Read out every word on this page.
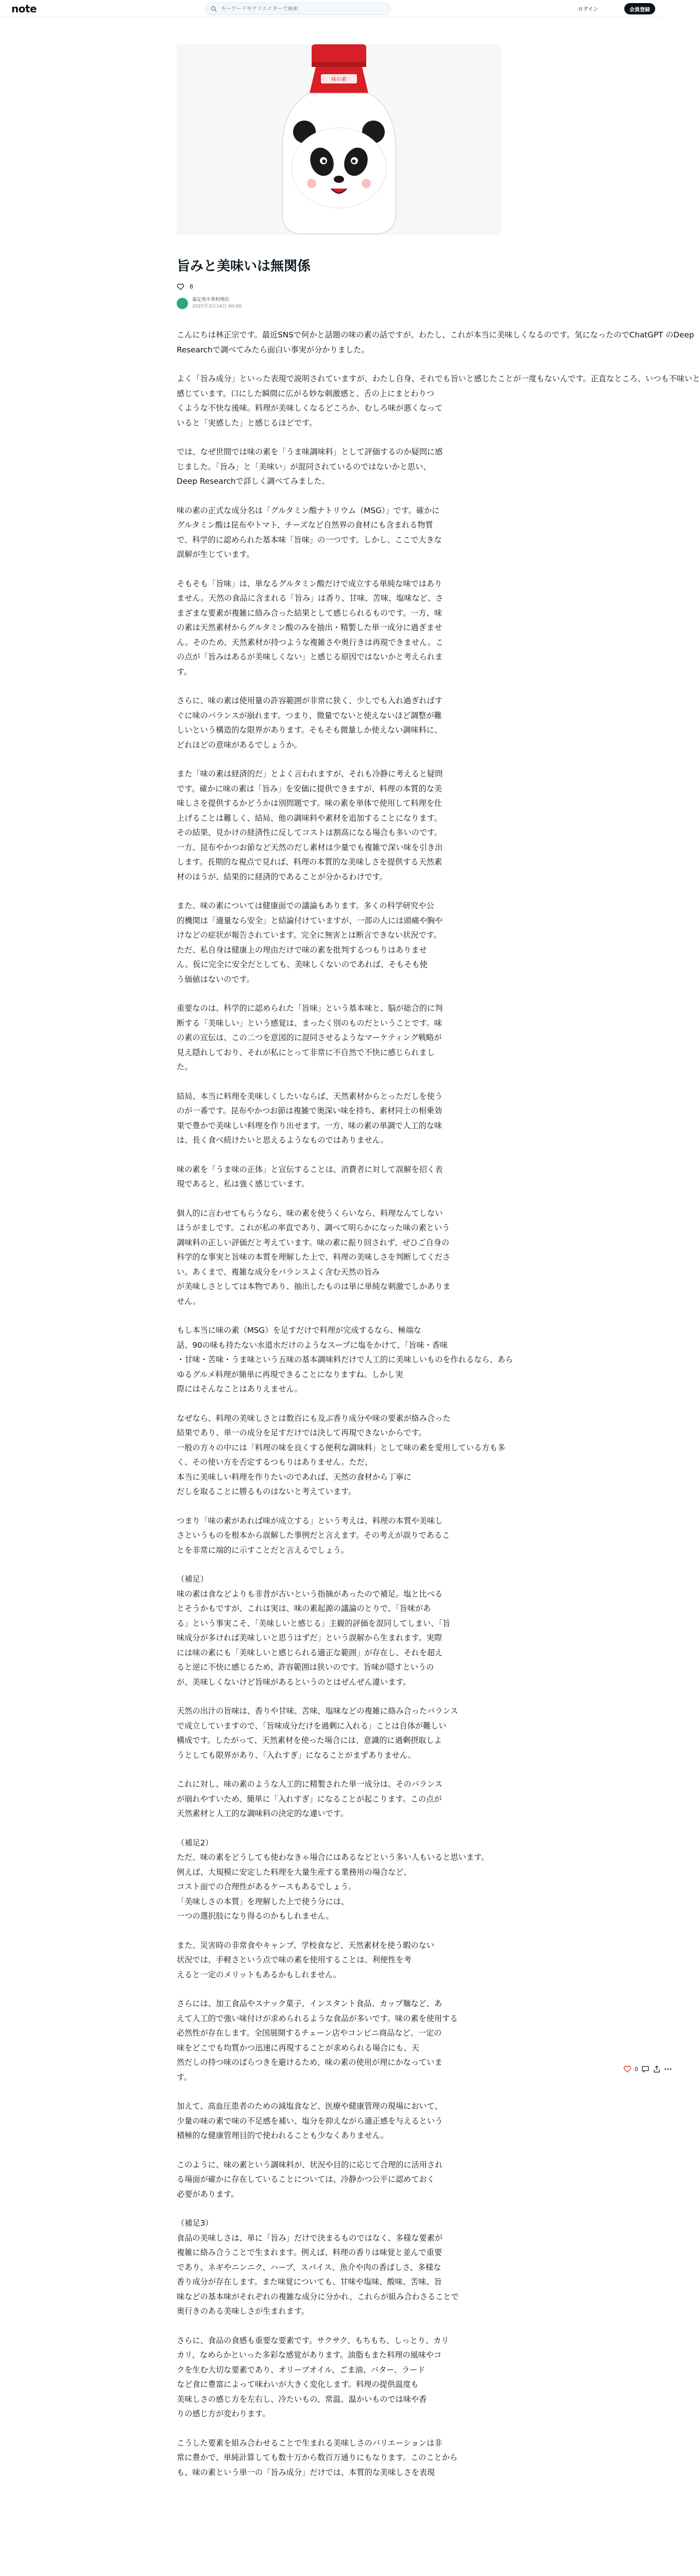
note
キーワードやクリエイターで検索	ログイン	会員登録
味の素
旨みと美味いは無関係
8
嘉定苑中華料理店
2025年3月14日 00:00

こんにちは林正宗です。最近SNSで何かと話題の味の素の話ですが、わたし、これが本当に美味しくなるのです。気になったのでChatGPT のDeep
Researchで調べてみたら面白い事実が分かりました。

よく「旨み成分」といった表現で説明されていますが、わたし自身、それでも旨いと感じたことが一度もないんです。正直なところ、いつも不味いと
感じています。口にした瞬間に広がる妙な刺激感と、舌の上にまとわりつ
くような不快な後味。料理が美味しくなるどころか、むしろ味が悪くなって
いると「実感した」と感じるほどです。

では、なぜ世間では味の素を「うま味調味料」として評価するのか疑問に感
じました。「旨み」と「美味い」が混同されているのではないかと思い、
Deep Researchで詳しく調べてみました。

味の素の正式な成分名は「グルタミン酸ナトリウム（MSG）」です。確かに
グルタミン酸は昆布やトマト、チーズなど自然界の食材にも含まれる物質
で、科学的に認められた基本味「旨味」の一つです。しかし、ここで大きな
誤解が生じています。

そもそも「旨味」は、単なるグルタミン酸だけで成立する単純な味ではあり
ません。天然の食品に含まれる「旨み」は香り、甘味、苦味、塩味など、さ
まざまな要素が複雑に絡み合った結果として感じられるものです。一方、味
の素は天然素材からグルタミン酸のみを抽出・精製した単一成分に過ぎませ
ん。そのため、天然素材が持つような複雑さや奥行きは再現できません。こ
の点が「旨みはあるが美味しくない」と感じる原因ではないかと考えられま
す。

さらに、味の素は使用量の許容範囲が非常に狭く、少しでも入れ過ぎればす
ぐに味のバランスが崩れます。つまり、微量でないと使えないほど調整が難
しいという構造的な限界があります。そもそも微量しか使えない調味料に、
どれほどの意味があるでしょうか。

また「味の素は経済的だ」とよく言われますが、それも冷静に考えると疑問
です。確かに味の素は「旨み」を安価に提供できますが、料理の本質的な美
味しさを提供するかどうかは別問題です。味の素を単体で使用して料理を仕
上げることは難しく、結局、他の調味料や素材を追加することになります。
その結果、見かけの経済性に反してコストは割高になる場合も多いのです。
一方、昆布やかつお節など天然のだし素材は少量でも複雑で深い味を引き出
します。長期的な視点で見れば、料理の本質的な美味しさを提供する天然素
材のほうが、結果的に経済的であることが分かるわけです。

また、味の素については健康面での議論もあります。多くの科学研究や公
的機関は「適量なら安全」と結論付けていますが、一部の人には頭痛や胸や
けなどの症状が報告されています。完全に無害とは断言できない状況です。
ただ、私自身は健康上の理由だけで味の素を批判するつもりはありませ
ん。仮に完全に安全だとしても、美味しくないのであれば、そもそも使
う価値はないのです。

重要なのは、科学的に認められた「旨味」という基本味と、脳が総合的に判
断する「美味しい」という感覚は、まったく別のものだということです。味
の素の宣伝は、この二つを意図的に混同させるようなマーケティング戦略が
見え隠れしており、それが私にとって非常に不自然で不快に感じられまし
た。

結局、本当に料理を美味しくしたいならば、天然素材からとっただしを使う
のが一番です。昆布やかつお節は複雑で奥深い味を持ち、素材同士の相乗効
果で豊かで美味しい料理を作り出せます。一方、味の素の単調で人工的な味
は、長く食べ続けたいと思えるようなものではありません。

味の素を「うま味の正体」と宣伝することは、消費者に対して誤解を招く表
現であると、私は強く感じています。

個人的に言わせてもらうなら、味の素を使うくらいなら、料理なんてしない
ほうがましです。これが私の率直であり、調べて明らかになった味の素という
調味料の正しい評価だと考えています。味の素に振り回されず、ぜひご自身の
科学的な事実と旨味の本質を理解した上で、料理の美味しさを判断してくださ
い。あくまで、複雑な成分をバランスよく含む天然の旨み
が美味しさとしては本物であり、抽出したものは単に単純な刺激でしかありま
せん。

もし本当に味の素（MSG）を足すだけで料理が完成するなら、極端な
話、90の味も持たない水道水だけのようなスープに塩をかけて、「旨味・香味
・甘味・苦味・うま味という五味の基本調味料だけで人工的に美味しいものを作れるなら、あら
ゆるグルメ料理が簡単に再現できることになりますね。しかし実
際にはそんなことはありえません。

なぜなら、料理の美味しさとは数百にも及ぶ香り成分や味の要素が絡み合った
結果であり、単一の成分を足すだけでは決して再現できないからです。
一般の方々の中には「料理の味を良くする便利な調味料」として味の素を愛用している方も多
く、その使い方を否定するつもりはありません。ただ、
本当に美味しい料理を作りたいのであれば、天然の食材から丁寧に
だしを取ることに勝るものはないと考えています。

つまり「味の素があれば味が成立する」という考えは、料理の本質や美味し
さというものを根本から誤解した事例だと言えます。その考えが誤りであるこ
とを非常に端的に示すことだと言えるでしょう。

（補足）
味の素は食などよりも非昔が古いという指摘があったので補足。塩と比べる
とそうかもですが、これは実は、味の素起源の議論のとりで、「旨味があ
る」という事実こそ、「美味しいと感じる」主観的評価を混同してしまい、「旨
味成分が多ければ美味しいと思うはずだ」という誤解から生まれます。実際
には味の素にも「美味しいと感じられる適正な範囲」が存在し、それを超え
ると逆に不快に感じるため、許容範囲は狭いのです。旨味が隠すというの
が、美味しくないけど旨味があるというのとはぜんぜん違います。

天然の出汁の旨味は、香りや甘味、苦味、塩味などの複雑に絡み合ったバランス
で成立していますので、「旨味成分だけを過剰に入れる」ことは自体が難しい
構成です。したがって、天然素材を使った場合には、意識的に過剰摂取しよ
うとしても限界があり、「入れすぎ」になることがまずありません。

これに対し、味の素のような人工的に精製された単一成分は、そのバランス
が崩れやすいため、簡単に「入れすぎ」になることが起こります。この点が
天然素材と人工的な調味料の決定的な違いです。

（補足2）
ただ、味の素をどうしても使わなきゃ場合にはあるなどという多い人もいると思います。
例えば、大規模に安定した料理を大量生産する業務用の場合など、
コスト面での合理性があるケースもあるでしょう。
「美味しさの本質」を理解した上で使う分には、
一つの選択肢になり得るのかもしれません。

また、災害時の非常食やキャンプ、学校食など、天然素材を使う暇のない
状況では、手軽さという点で味の素を使用することは、利便性を考
えると一定のメリットもあるかもしれません。

さらには、加工食品やスナック菓子、インスタント食品、カップ麺など、あ
えて人工的で強い味付けが求められるような食品が多いです。味の素を使用する
必然性が存在します。全国展開するチェーン店やコンビニ商品など、一定の
味をどこでも均質かつ迅速に再現することが求められる場合にも、天
然だしの持つ味のばらつきを避けるため、味の素の使用が理にかなっていま
す。

加えて、高血圧患者のための減塩食など、医療や健康管理の現場において、
少量の味の素で味の不足感を補い、塩分を抑えながら適正感を与えるという
積極的な健康管理目的で使われることも少なくありません。

このように、味の素という調味料が、状況や目的に応じて合理的に活用され
る場面が確かに存在していることについては、冷静かつ公平に認めておく
必要があります。

（補足3）
食品の美味しさは、単に「旨み」だけで決まるものではなく、多様な要素が
複雑に絡み合うことで生まれます。例えば、料理の香りは味覚と並んで重要
であり、ネギやニンニク、ハーブ、スパイス、魚介や肉の香ばしさ、多様な
香り成分が存在します。また味覚についても、甘味や塩味、酸味、苦味、旨
味などの基本味がそれぞれの複雑な成分に分かれ、これらが組み合わさることで
奥行きのある美味しさが生まれます。

さらに、食品の食感も重要な要素です。サクサク、もちもち、しっとり、カリ
カリ、なめらかといった多彩な感覚があります。油脂もまた料理の風味やコ
クを生む大切な要素であり、オリーブオイル、ごま油、バター、ラード
など食に豊富によって味わいが大きく変化します。料理の提供温度も
美味しさの感じ方を左右し、冷たいもの、常温、温かいものでは味や香
りの感じ方が変わります。

こうした要素を組み合わせることで生まれる美味しさのバリエーションは非
常に豊かで、単純計算しても数十万から数百万通りにもなります。このことから
も、味の素という単一の「旨み成分」だけでは、本質的な美味しさを表現

0
